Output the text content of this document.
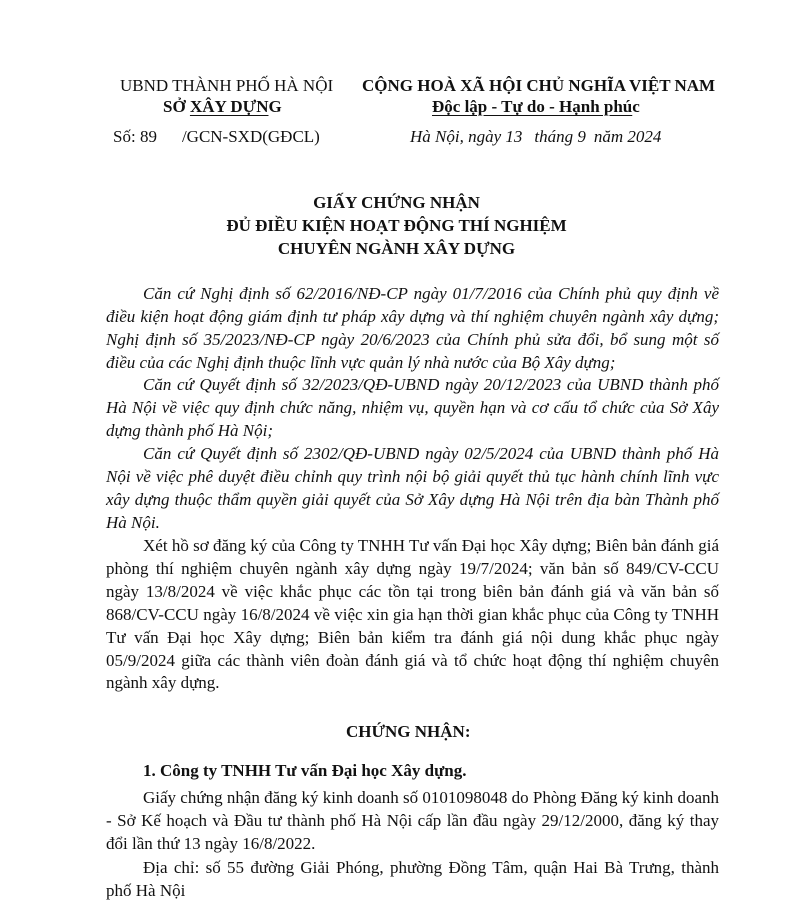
UBND THÀNH PHỐ HÀ NỘI
SỞ XÂY DỰNG
CỘNG HOÀ XÃ HỘI CHỦ NGHĨA VIỆT NAM
Độc lập - Tự do - Hạnh phúc
Số: 89 /GCN-SXD(GĐCL)	Hà Nội, ngày 13 tháng 9 năm 2024
GIẤY CHỨNG NHẬN
ĐỦ ĐIỀU KIỆN HOẠT ĐỘNG THÍ NGHIỆM
CHUYÊN NGÀNH XÂY DỰNG
Căn cứ Nghị định số 62/2016/NĐ-CP ngày 01/7/2016 của Chính phủ quy định về điều kiện hoạt động giám định tư pháp xây dựng và thí nghiệm chuyên ngành xây dựng; Nghị định số 35/2023/NĐ-CP ngày 20/6/2023 của Chính phủ sửa đổi, bổ sung một số điều của các Nghị định thuộc lĩnh vực quản lý nhà nước của Bộ Xây dựng;
Căn cứ Quyết định số 32/2023/QĐ-UBND ngày 20/12/2023 của UBND thành phố Hà Nội về việc quy định chức năng, nhiệm vụ, quyền hạn và cơ cấu tổ chức của Sở Xây dựng thành phố Hà Nội;
Căn cứ Quyết định số 2302/QĐ-UBND ngày 02/5/2024 của UBND thành phố Hà Nội về việc phê duyệt điều chỉnh quy trình nội bộ giải quyết thủ tục hành chính lĩnh vực xây dựng thuộc thẩm quyền giải quyết của Sở Xây dựng Hà Nội trên địa bàn Thành phố Hà Nội.
Xét hồ sơ đăng ký của Công ty TNHH Tư vấn Đại học Xây dựng; Biên bản đánh giá phòng thí nghiệm chuyên ngành xây dựng ngày 19/7/2024; văn bản số 849/CV-CCU ngày 13/8/2024 về việc khắc phục các tồn tại trong biên bản đánh giá và văn bản số 868/CV-CCU ngày 16/8/2024 về việc xin gia hạn thời gian khắc phục của Công ty TNHH Tư vấn Đại học Xây dựng; Biên bản kiểm tra đánh giá nội dung khắc phục ngày 05/9/2024 giữa các thành viên đoàn đánh giá và tổ chức hoạt động thí nghiệm chuyên ngành xây dựng.
CHỨNG NHẬN:
1. Công ty TNHH Tư vấn Đại học Xây dựng.
Giấy chứng nhận đăng ký kinh doanh số 0101098048 do Phòng Đăng ký kinh doanh - Sở Kế hoạch và Đầu tư thành phố Hà Nội cấp lần đầu ngày 29/12/2000, đăng ký thay đổi lần thứ 13 ngày 16/8/2022.
Địa chỉ: số 55 đường Giải Phóng, phường Đồng Tâm, quận Hai Bà Trưng, thành phố Hà Nội
